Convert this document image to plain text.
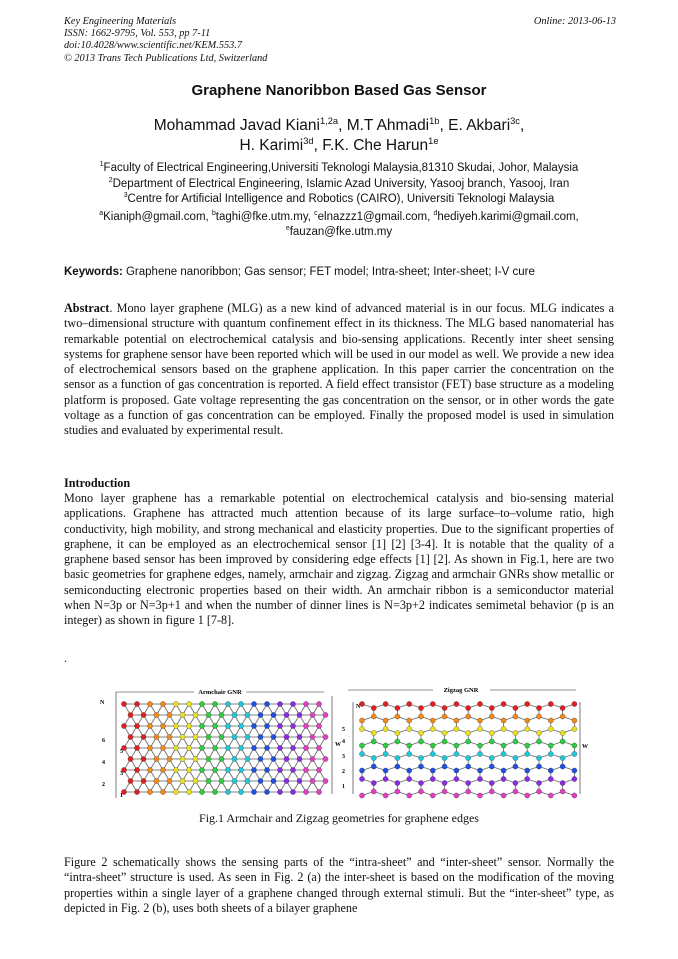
Key Engineering Materials
ISSN: 1662-9795, Vol. 553, pp 7-11
doi:10.4028/www.scientific.net/KEM.553.7
© 2013 Trans Tech Publications Ltd, Switzerland
Online: 2013-06-13
Graphene Nanoribbon Based Gas Sensor
Mohammad Javad Kiani$^{1,2a}$, M.T Ahmadi$^{1b}$, E. Akbari$^{3c}$,
H. Karimi$^{3d}$, F.K. Che Harun$^{1e}$
$^1$Faculty of Electrical Engineering,Universiti Teknologi Malaysia,81310 Skudai, Johor, Malaysia
$^2$Department of Electrical Engineering, Islamic Azad University, Yasooj branch, Yasooj, Iran
$^3$Centre for Artificial Intelligence and Robotics (CAIRO), Universiti Teknologi Malaysia
$^a$Kianiph@gmail.com, $^b$taghi@fke.utm.my, $^c$elnazzz1@gmail.com, $^d$hediyeh.karimi@gmail.com,
$^e$fauzan@fke.utm.my
Keywords: Graphene nanoribbon; Gas sensor; FET model; Intra-sheet; Inter-sheet; I-V cure
Abstract. Mono layer graphene (MLG) as a new kind of advanced material is in our focus. MLG indicates a two–dimensional structure with quantum confinement effect in its thickness. The MLG based nanomaterial has remarkable potential on electrochemical catalysis and bio-sensing applications. Recently inter sheet sensing systems for graphene sensor have been reported which will be used in our model as well. We provide a new idea of electrochemical sensors based on the graphene application. In this paper carrier the concentration on the sensor as a function of gas concentration is reported. A field effect transistor (FET) base structure as a modeling platform is proposed. Gate voltage representing the gas concentration on the sensor, or in other words the gate voltage as a function of gas concentration can be employed. Finally the proposed model is used in simulation studies and evaluated by experimental result.
Introduction
Mono layer graphene has a remarkable potential on electrochemical catalysis and bio-sensing material applications. Graphene has attracted much attention because of its large surface–to–volume ratio, high conductivity, high mobility, and strong mechanical and elasticity properties. Due to the significant properties of graphene, it can be employed as an electrochemical sensor [1] [2] [3-4]. It is notable that the quality of a graphene based sensor has been improved by considering edge effects [1] [2]. As shown in Fig.1, here are two basic geometries for graphene edges, namely, armchair and zigzag. Zigzag and armchair GNRs show metallic or semiconducting electronic properties based on their width. An armchair ribbon is a semiconductor material when N=3p or N=3p+1 and when the number of dinner lines is N=3p+2 indicates semimetal behavior (p is an integer) as shown in figure 1 [7-8].
.
Armchair GNR	Zigzag GNR
N
W
N
W
1
2
3
4
5
6
1
2
3
4
5
Fig.1 Armchair and Zigzag geometries for graphene edges
Figure 2 schematically shows the sensing parts of the “intra-sheet” and “inter-sheet” sensor. Normally the “intra-sheet” structure is used. As seen in Fig. 2 (a) the inter-sheet is based on the modification of the moving properties within a single layer of a graphene changed through external stimuli. But the “inter-sheet” type, as depicted in Fig. 2 (b), uses both sheets of a bilayer graphene
